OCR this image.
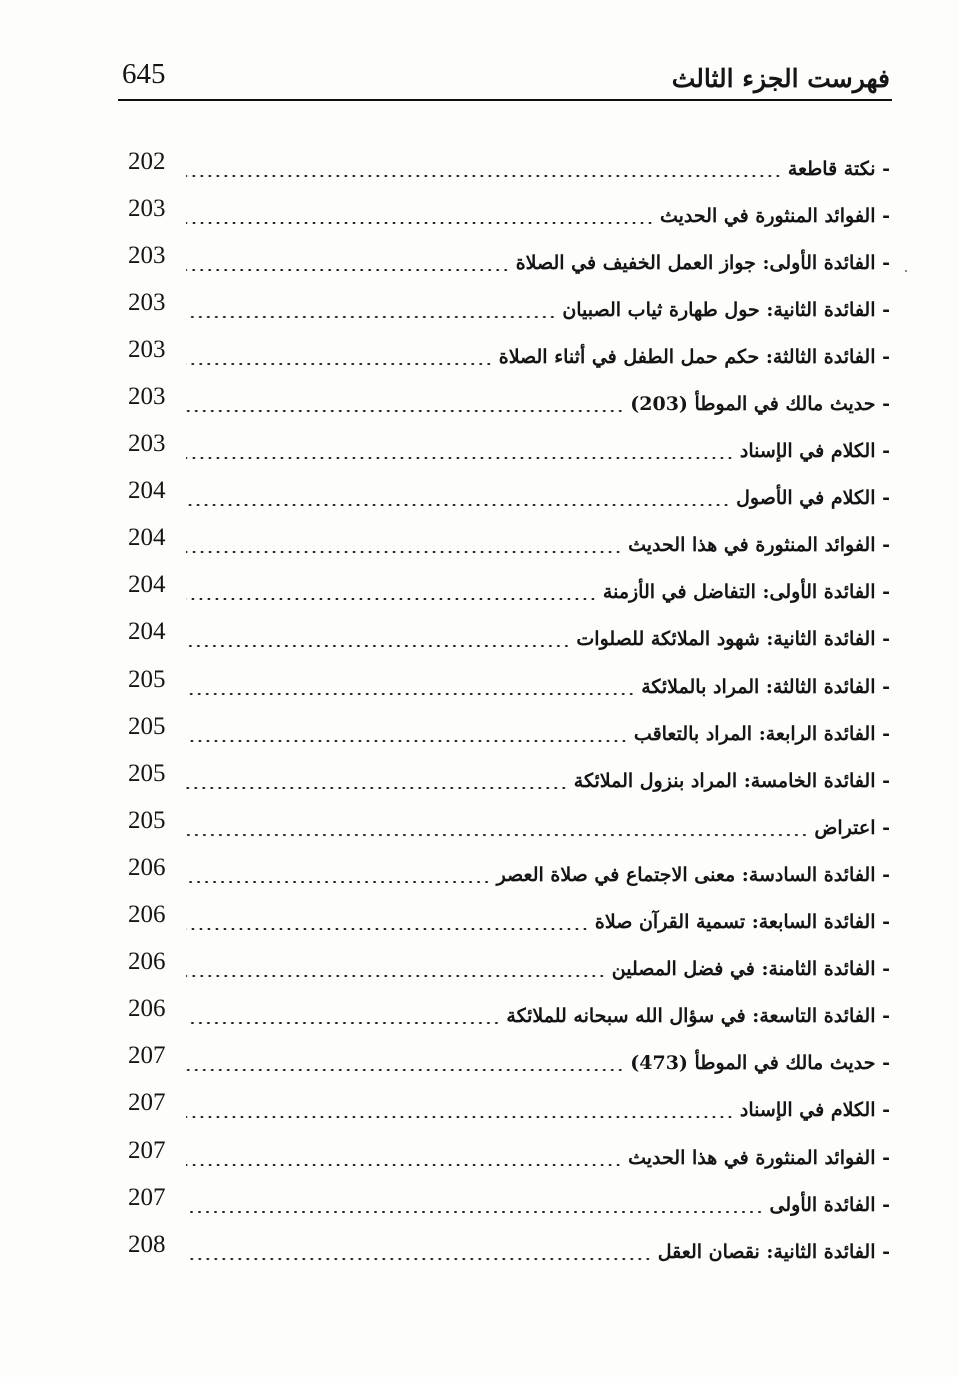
645	فهرست الجزء الثالث
- نكتة قاطعة
202
- الفوائد المنثورة في الحديث
203
- الفائدة الأولى: جواز العمل الخفيف في الصلاة
203
- الفائدة الثانية: حول طهارة ثياب الصبيان
203
- الفائدة الثالثة: حكم حمل الطفل في أثناء الصلاة
203
- حديث مالك في الموطأ (203)
203
- الكلام في الإسناد
203
- الكلام في الأصول
204
- الفوائد المنثورة في هذا الحديث
204
- الفائدة الأولى: التفاضل في الأزمنة
204
- الفائدة الثانية: شهود الملائكة للصلوات
204
- الفائدة الثالثة: المراد بالملائكة
205
- الفائدة الرابعة: المراد بالتعاقب
205
- الفائدة الخامسة: المراد بنزول الملائكة
205
- اعتراض
205
- الفائدة السادسة: معنى الاجتماع في صلاة العصر
206
- الفائدة السابعة: تسمية القرآن صلاة
206
- الفائدة الثامنة: في فضل المصلين
206
- الفائدة التاسعة: في سؤال الله سبحانه للملائكة
206
- حديث مالك في الموطأ (473)
207
- الكلام في الإسناد
207
- الفوائد المنثورة في هذا الحديث
207
- الفائدة الأولى
207
- الفائدة الثانية: نقصان العقل
208
